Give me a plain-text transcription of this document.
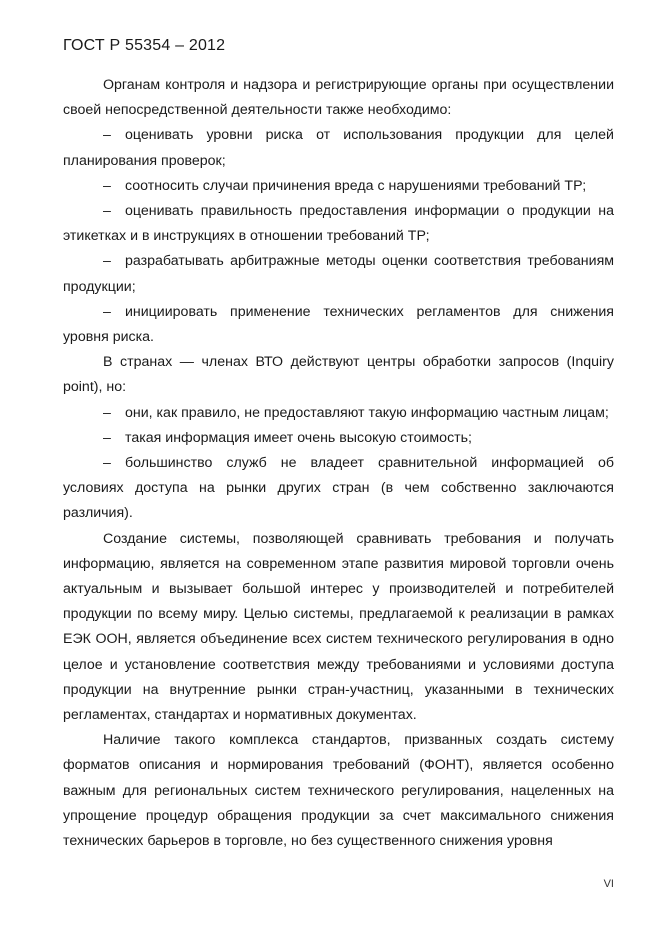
ГОСТ Р 55354 – 2012

Органам контроля и надзора и регистрирующие органы при осуществлении своей непосредственной деятельности также необходимо:

– оценивать уровни риска от использования продукции для целей планирования проверок;

– соотносить случаи причинения вреда с нарушениями требований ТР;

– оценивать правильность предоставления информации о продукции на этикетках и в инструкциях в отношении требований ТР;

– разрабатывать арбитражные методы оценки соответствия требованиям продукции;

– инициировать применение технических регламентов для снижения уровня риска.

В странах — членах ВТО действуют центры обработки запросов (Inquiry point), но:

– они, как правило, не предоставляют такую информацию частным лицам;

– такая информация имеет очень высокую стоимость;

– большинство служб не владеет сравнительной информацией об условиях доступа на рынки других стран (в чем собственно заключаются различия).

Создание системы, позволяющей сравнивать требования и получать информацию, является на современном этапе развития мировой торговли очень актуальным и вызывает большой интерес у производителей и потребителей продукции по всему миру. Целью системы, предлагаемой к реализации в рамках ЕЭК ООН, является объединение всех систем технического регулирования в одно целое и установление соответствия между требованиями и условиями доступа продукции на внутренние рынки стран-участниц, указанными в технических регламентах, стандартах и нормативных документах.

Наличие такого комплекса стандартов, призванных создать систему форматов описания и нормирования требований (ФОНТ), является особенно важным для региональных систем технического регулирования, нацеленных на упрощение процедур обращения продукции за счет максимального снижения технических барьеров в торговле, но без существенного снижения уровня

VI
